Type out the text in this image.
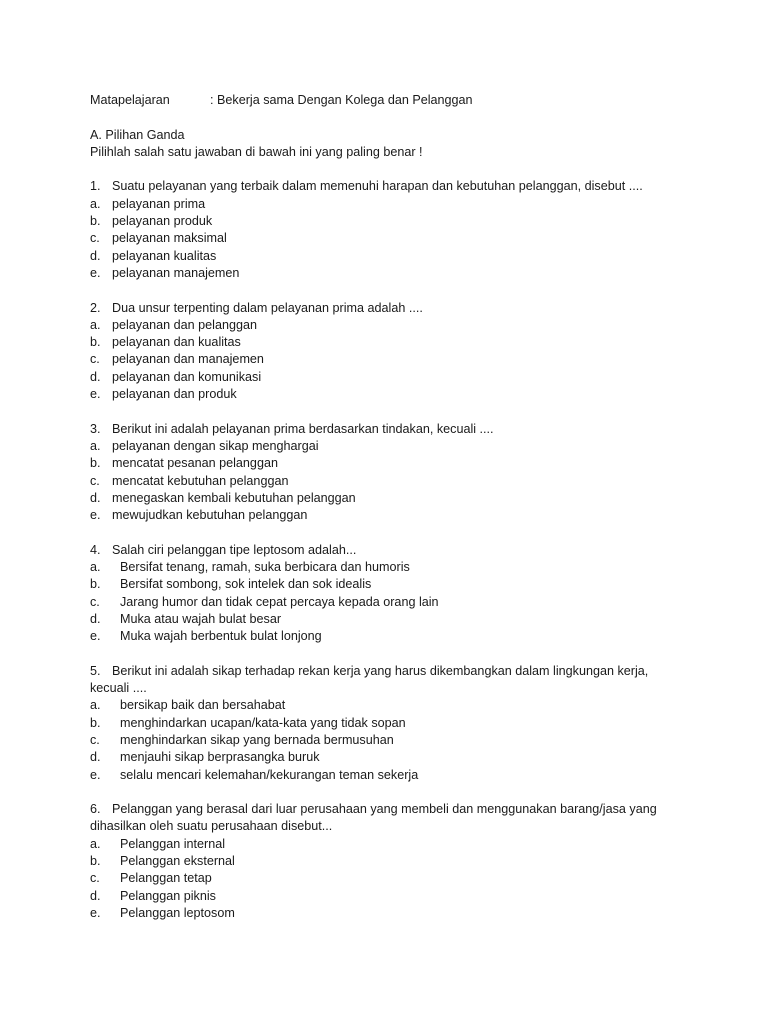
Matapelajaran	: Bekerja sama Dengan Kolega dan Pelanggan
A. Pilihan Ganda
Pilihlah salah satu jawaban di bawah ini yang paling benar !
1. Suatu pelayanan yang terbaik dalam memenuhi harapan dan kebutuhan pelanggan, disebut ....
a. pelayanan prima
b. pelayanan produk
c. pelayanan maksimal
d. pelayanan kualitas
e. pelayanan manajemen
2. Dua unsur terpenting dalam pelayanan prima adalah ....
a. pelayanan dan pelanggan
b. pelayanan dan kualitas
c. pelayanan dan manajemen
d. pelayanan dan komunikasi
e. pelayanan dan produk
3. Berikut ini adalah pelayanan prima berdasarkan tindakan, kecuali ....
a. pelayanan dengan sikap menghargai
b. mencatat pesanan pelanggan
c. mencatat kebutuhan pelanggan
d. menegaskan kembali kebutuhan pelanggan
e. mewujudkan kebutuhan pelanggan
4. Salah ciri pelanggan tipe leptosom adalah...
a. Bersifat tenang, ramah, suka berbicara dan humoris
b. Bersifat sombong, sok intelek dan sok idealis
c. Jarang humor dan tidak cepat percaya kepada orang lain
d. Muka atau wajah bulat besar
e. Muka wajah berbentuk bulat lonjong
5. Berikut ini adalah sikap terhadap rekan kerja yang harus dikembangkan dalam lingkungan kerja,
kecuali ....
a. bersikap baik dan bersahabat
b. menghindarkan ucapan/kata-kata yang tidak sopan
c. menghindarkan sikap yang bernada bermusuhan
d. menjauhi sikap berprasangka buruk
e. selalu mencari kelemahan/kekurangan teman sekerja
6. Pelanggan yang berasal dari luar perusahaan yang membeli dan menggunakan barang/jasa yang
dihasilkan oleh suatu perusahaan disebut...
a. Pelanggan internal
b. Pelanggan eksternal
c. Pelanggan tetap
d. Pelanggan piknis
e. Pelanggan leptosom
